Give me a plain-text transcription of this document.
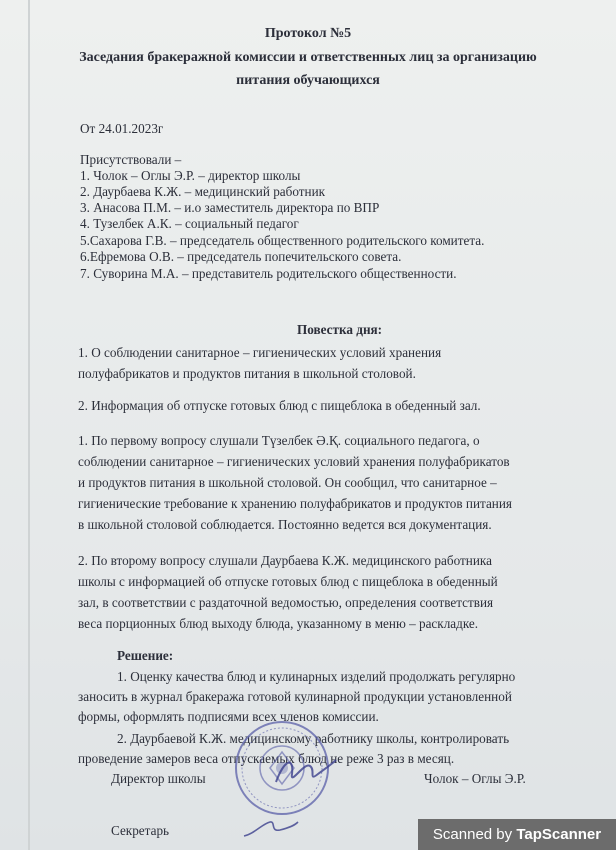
Протокол №5
Заседания бракеражной комиссии и ответственных лиц за организацию
питания обучающихся
От 24.01.2023г
Присутствовали –
1. Чолок – Оглы Э.Р. – директор школы
2. Даурбаева К.Ж. – медицинский работник
3. Анасова П.М. – и.о заместитель директора по ВПР
4. Тузелбек А.К. – социальный педагог
5.Сахарова Г.В. – председатель общественного родительского комитета.
6.Ефремова О.В. – председатель попечительского совета.
7. Суворина М.А. – представитель родительского общественности.
Повестка дня:
1. О соблюдении санитарное – гигиенических условий хранения
полуфабрикатов и продуктов питания в школьной столовой.
2. Информация об отпуске готовых блюд с пищеблока в обеденный зал.
1. По первому вопросу слушали Түзелбек Ә.Қ. социального педагога, о
соблюдении санитарное – гигиенических условий хранения полуфабрикатов
и продуктов питания в школьной столовой. Он сообщил, что санитарное –
гигиенические требование к хранению полуфабрикатов и продуктов питания
в школьной столовой соблюдается. Постоянно ведется вся документация.
2. По второму вопросу слушали Даурбаева К.Ж. медицинского работника
школы с информацией об отпуске готовых блюд с пищеблока в обеденный
зал, в соответствии с раздаточной ведомостью, определения соответствия
веса порционных блюд выходу блюда, указанному в меню – раскладке.
Решение:
1. Оценку качества блюд и кулинарных изделий продолжать регулярно
заносить в журнал бракеража готовой кулинарной продукции установленной
формы, оформлять подписями всех членов комиссии.
2. Даурбаевой К.Ж. медицинскому работнику школы, контролировать
проведение замеров веса отпускаемых блюд не реже 3 раз в месяц.
Директор школы	Чолок – Оглы Э.Р.
Секретарь	Scanned by TapScanner
